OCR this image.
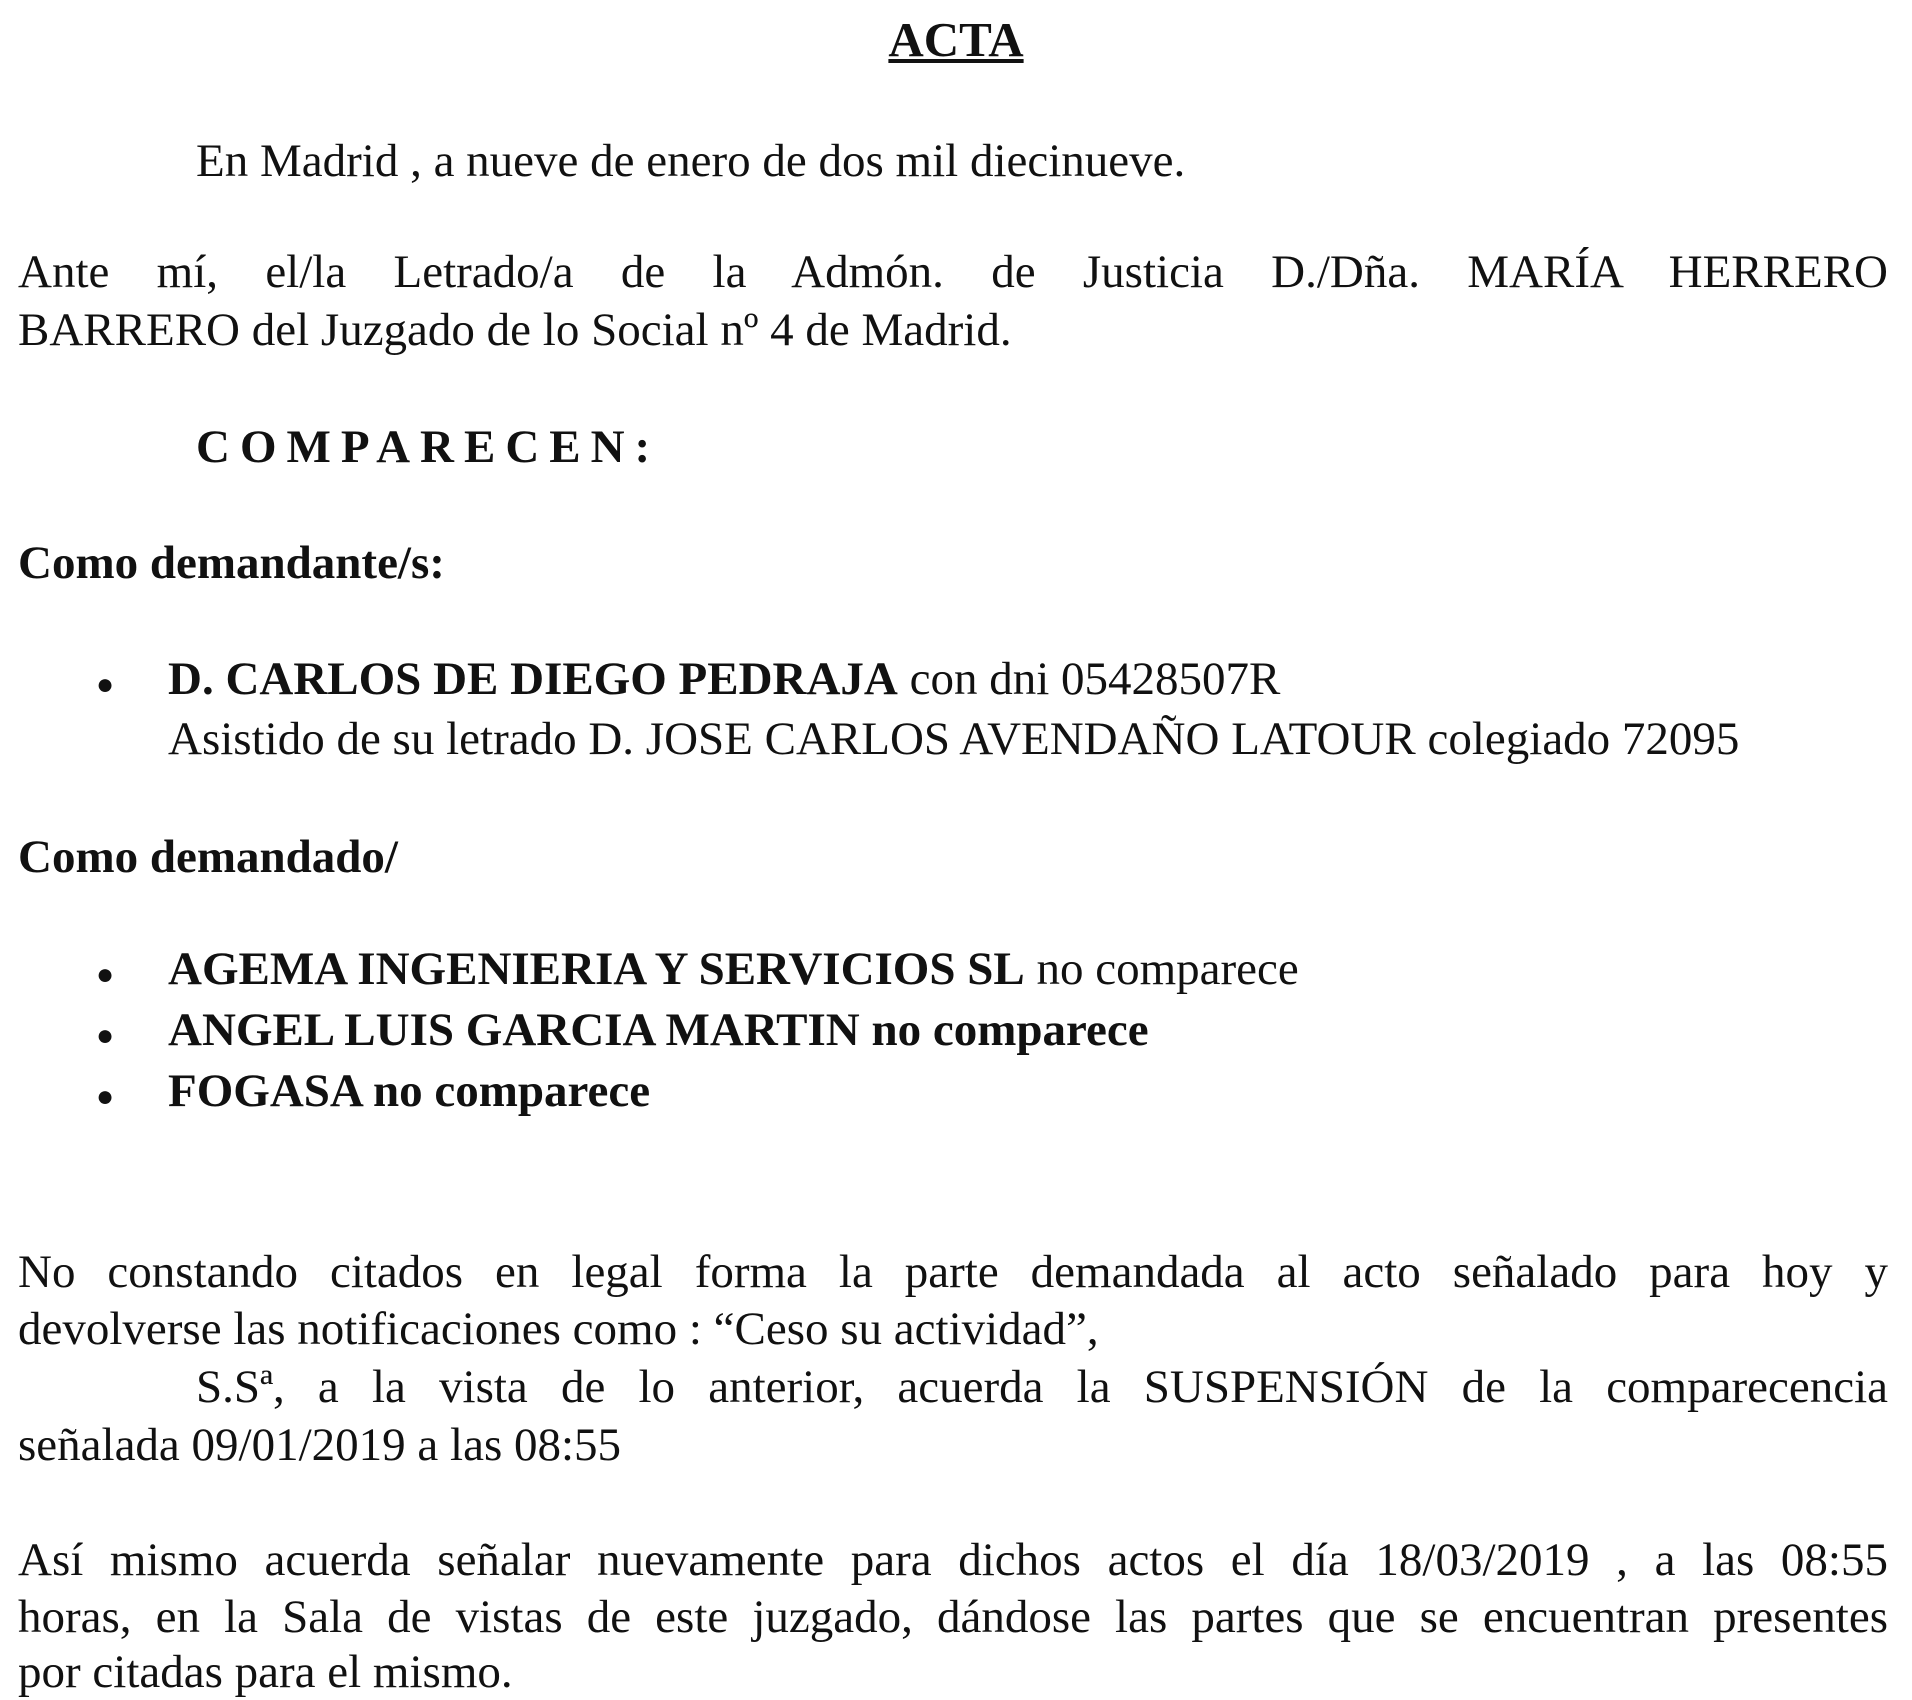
ACTA
En Madrid , a nueve de enero de dos mil diecinueve.
Ante mí, el/la Letrado/a de la Admón. de Justicia D./Dña. MARÍA HERRERO
BARRERO del Juzgado de lo Social nº 4 de Madrid.
COMPARECEN:
Como demandante/s:
● D. CARLOS DE DIEGO PEDRAJA con dni 05428507R
Asistido de su letrado D. JOSE CARLOS AVENDAÑO LATOUR colegiado 72095
Como demandado/
● AGEMA INGENIERIA Y SERVICIOS SL no comparece
● ANGEL LUIS GARCIA MARTIN no comparece
● FOGASA no comparece
No constando citados en legal forma la parte demandada al acto señalado para hoy y
devolverse las notificaciones como : “Ceso su actividad”,
S.Sª, a la vista de lo anterior, acuerda la SUSPENSIÓN de la comparecencia
señalada 09/01/2019 a las 08:55
Así mismo acuerda señalar nuevamente para dichos actos el día 18/03/2019 , a las 08:55
horas, en la Sala de vistas de este juzgado, dándose las partes que se encuentran presentes
por citadas para el mismo.
